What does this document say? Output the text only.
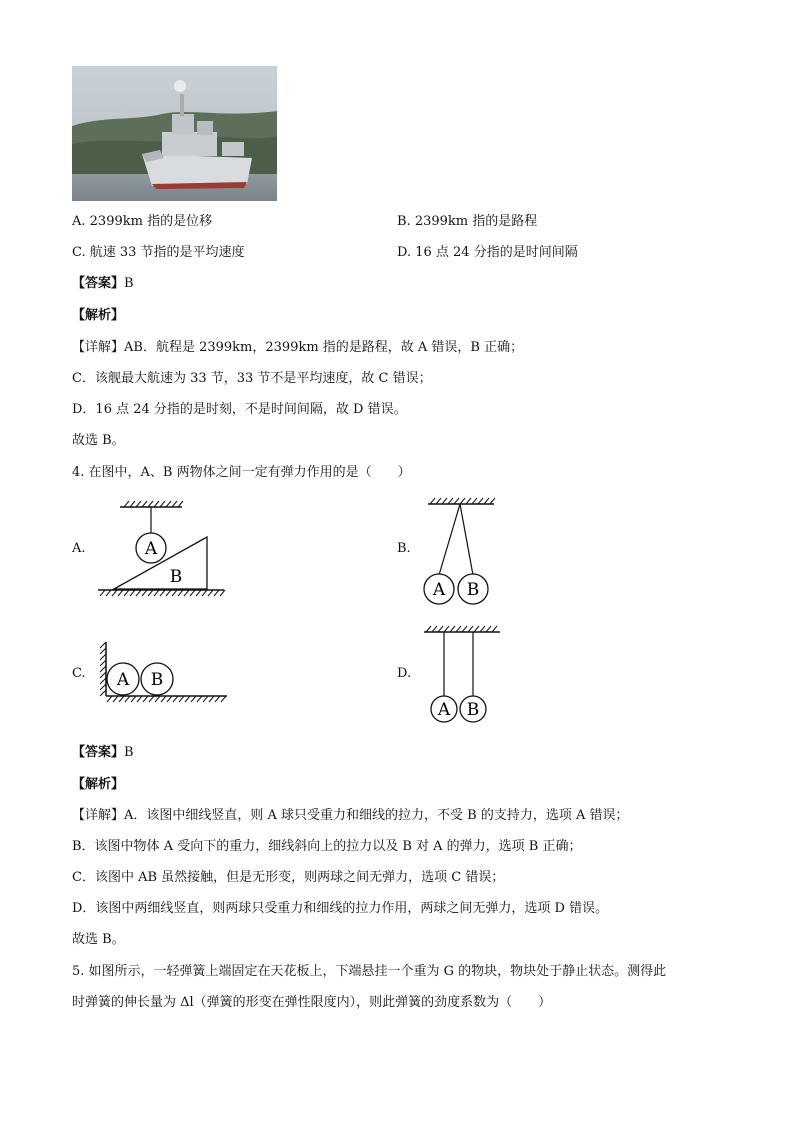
A. 2399km 指的是位移	B. 2399km 指的是路程
C. 航速 33 节指的是平均速度	D. 16 点 24 分指的是时间间隔
【答案】B
【解析】
【详解】AB．航程是 2399km，2399km 指的是路程，故 A 错误，B 正确；
C．该舰最大航速为 33 节，33 节不是平均速度，故 C 错误；
D．16 点 24 分指的是时刻，不是时间间隔，故 D 错误。
故选 B。
4. 在图中，A、B 两物体之间一定有弹力作用的是（　　）
A.	A
B
B.
A B
C. A B	D.
A B
【答案】B
【解析】
【详解】A．该图中细线竖直，则 A 球只受重力和细线的拉力，不受 B 的支持力，选项 A 错误；
B．该图中物体 A 受向下的重力，细线斜向上的拉力以及 B 对 A 的弹力，选项 B 正确；
C．该图中 AB 虽然接触，但是无形变，则两球之间无弹力，选项 C 错误；
D．该图中两细线竖直，则两球只受重力和细线的拉力作用，两球之间无弹力，选项 D 错误。
故选 B。
5. 如图所示，一轻弹簧上端固定在天花板上，下端悬挂一个重为 G 的物块，物块处于静止状态。测得此
时弹簧的伸长量为 Δl（弹簧的形变在弹性限度内），则此弹簧的劲度系数为（　　）
